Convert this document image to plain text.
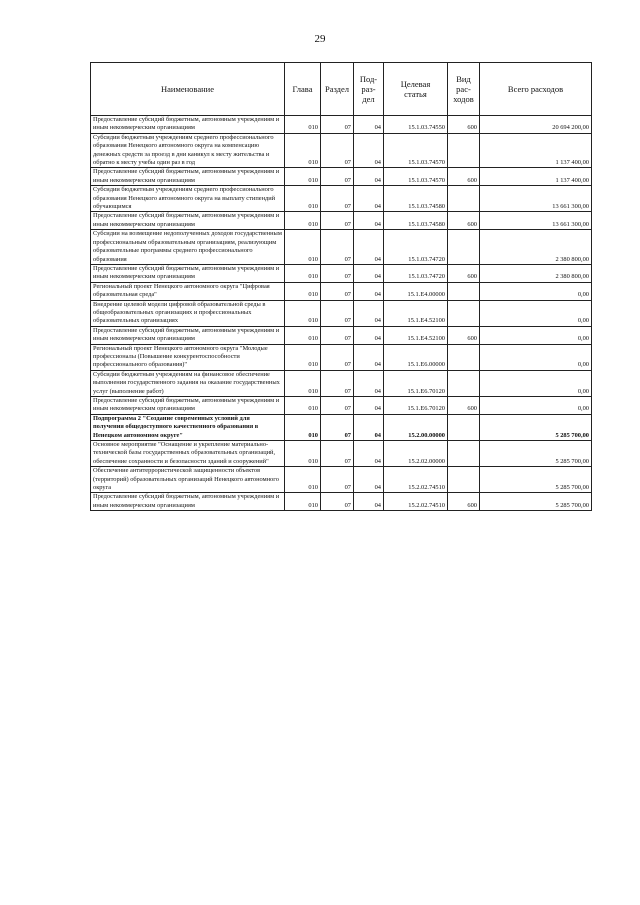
29
Наименование	Глава	Раздел	Под-
раз-
дел	Целевая
статья	Вид
рас-
ходов	Всего расходов
Предоставление субсидий бюджетным, автономным учреждениям и иным некоммерческим организациям	010	07	04	15.1.03.74550	600	20 694 200,00
Субсидии бюджетным учреждениям среднего профессионального образования Ненецкого автономного округа на компенсацию денежных средств за проезд в дни каникул к месту жительства и обратно к месту учебы один раз в год	010	07	04	15.1.03.74570		1 137 400,00
Предоставление субсидий бюджетным, автономным учреждениям и иным некоммерческим организациям	010	07	04	15.1.03.74570	600	1 137 400,00
Субсидии бюджетным учреждениям среднего профессионального образования Ненецкого автономного округа на выплату стипендий обучающимся	010	07	04	15.1.03.74580		13 661 300,00
Предоставление субсидий бюджетным, автономным учреждениям и иным некоммерческим организациям	010	07	04	15.1.03.74580	600	13 661 300,00
Субсидии на возмещение недополученных доходов государственным профессиональным образовательным организациям, реализующим образовательные программы среднего профессионального образования	010	07	04	15.1.03.74720		2 380 800,00
Предоставление субсидий бюджетным, автономным учреждениям и иным некоммерческим организациям	010	07	04	15.1.03.74720	600	2 380 800,00
Региональный проект Ненецкого автономного округа "Цифровая образовательная среда"	010	07	04	15.1.E4.00000		0,00
Внедрение целевой модели цифровой образовательной среды в общеобразовательных организациях и профессиональных образовательных организациях	010	07	04	15.1.E4.52100		0,00
Предоставление субсидий бюджетным, автономным учреждениям и иным некоммерческим организациям	010	07	04	15.1.E4.52100	600	0,00
Региональный проект Ненецкого автономного округа "Молодые профессионалы (Повышение конкурентоспособности профессионального образования)"	010	07	04	15.1.E6.00000		0,00
Субсидии бюджетным учреждениям на финансовое обеспечение выполнения государственного задания на оказание государственных услуг (выполнение работ)	010	07	04	15.1.E6.70120		0,00
Предоставление субсидий бюджетным, автономным учреждениям и иным некоммерческим организациям	010	07	04	15.1.E6.70120	600	0,00
Подпрограмма 2 "Создание современных условий для получения общедоступного качественного образования в Ненецком автономном округе"	010	07	04	15.2.00.00000		5 285 700,00
Основное мероприятие "Оснащение и укрепление материально-технической базы государственных образовательных организаций, обеспечение сохранности и безопасности зданий и сооружений"	010	07	04	15.2.02.00000		5 285 700,00
Обеспечение антитеррористической защищенности объектов (территорий) образовательных организаций Ненецкого автономного округа	010	07	04	15.2.02.74510		5 285 700,00
Предоставление субсидий бюджетным, автономным учреждениям и иным некоммерческим организациям	010	07	04	15.2.02.74510	600	5 285 700,00
